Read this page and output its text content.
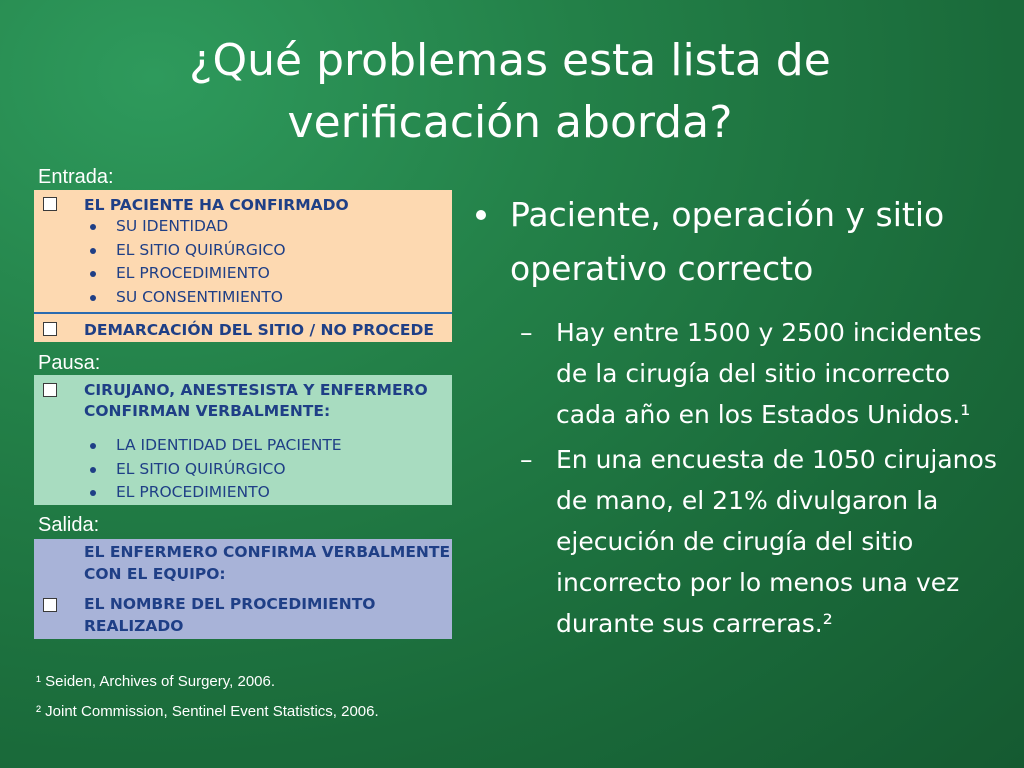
¿Qué problemas esta lista de
verificación aborda?
Entrada:
EL PACIENTE HA CONFIRMADO
SU IDENTIDAD
EL SITIO QUIRÚRGICO
EL PROCEDIMIENTO
SU CONSENTIMIENTO
DEMARCACIÓN DEL SITIO / NO PROCEDE
Pausa:
CIRUJANO, ANESTESISTA Y ENFERMERO
CONFIRMAN VERBALMENTE:
LA IDENTIDAD DEL PACIENTE
EL SITIO QUIRÚRGICO
EL PROCEDIMIENTO
Salida:
EL ENFERMERO CONFIRMA VERBALMENTE
CON EL EQUIPO:
EL NOMBRE DEL PROCEDIMIENTO
REALIZADO
Paciente, operación y sitio operativo correcto
– Hay entre 1500 y 2500 incidentes de la cirugía del sitio incorrecto cada año en los Estados Unidos.¹
– En una encuesta de 1050 cirujanos de mano, el 21% divulgaron la ejecución de cirugía del sitio incorrecto por lo menos una vez durante sus carreras.²
¹ Seiden, Archives of Surgery, 2006.
² Joint Commission, Sentinel Event Statistics, 2006.
